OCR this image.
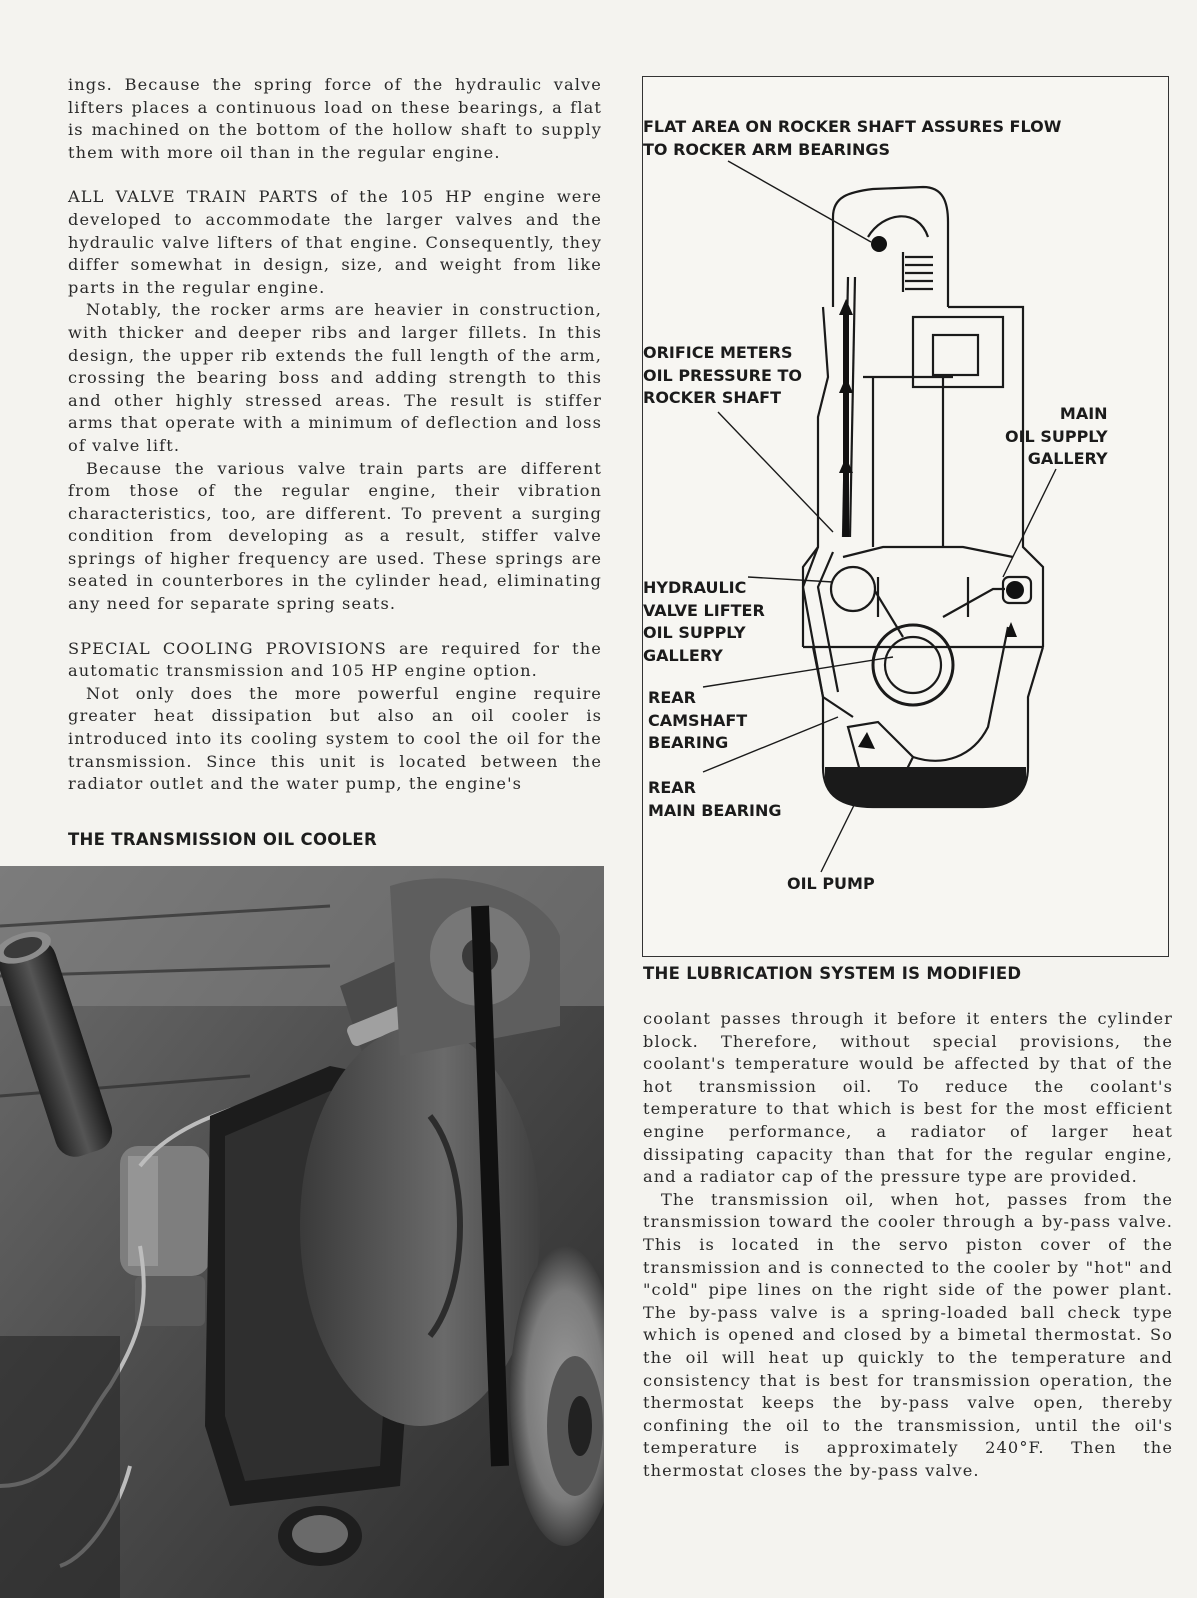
ings. Because the spring force of the hydraulic valve lifters places a continuous load on these bearings, a flat is machined on the bottom of the hollow shaft to supply them with more oil than in the regular engine.

ALL VALVE TRAIN PARTS of the 105 HP engine were developed to accommodate the larger valves and the hydraulic valve lifters of that engine. Consequently, they differ somewhat in design, size, and weight from like parts in the regular engine.

Notably, the rocker arms are heavier in construction, with thicker and deeper ribs and larger fillets. In this design, the upper rib extends the full length of the arm, crossing the bearing boss and adding strength to this and other highly stressed areas. The result is stiffer arms that operate with a minimum of deflection and loss of valve lift.

Because the various valve train parts are different from those of the regular engine, their vibration characteristics, too, are different. To prevent a surging condition from developing as a result, stiffer valve springs of higher frequency are used. These springs are seated in counterbores in the cylinder head, eliminating any need for separate spring seats.

SPECIAL COOLING PROVISIONS are required for the automatic transmission and 105 HP engine option.

Not only does the more powerful engine require greater heat dissipation but also an oil cooler is introduced into its cooling system to cool the oil for the transmission. Since this unit is located between the radiator outlet and the water pump, the engine's

THE TRANSMISSION OIL COOLER
FLAT AREA ON ROCKER SHAFT ASSURES FLOW
TO ROCKER ARM BEARINGS
ORIFICE METERS
OIL PRESSURE TO
ROCKER SHAFT
MAIN
OIL SUPPLY
GALLERY
HYDRAULIC
VALVE LIFTER
OIL SUPPLY
GALLERY
REAR
CAMSHAFT
BEARING
REAR
MAIN BEARING
OIL PUMP
THE LUBRICATION SYSTEM IS MODIFIED

coolant passes through it before it enters the cylinder block. Therefore, without special provisions, the coolant's temperature would be affected by that of the hot transmission oil. To reduce the coolant's temperature to that which is best for the most efficient engine performance, a radiator of larger heat dissipating capacity than that for the regular engine, and a radiator cap of the pressure type are provided.

The transmission oil, when hot, passes from the transmission toward the cooler through a by-pass valve. This is located in the servo piston cover of the transmission and is connected to the cooler by "hot" and "cold" pipe lines on the right side of the power plant. The by-pass valve is a spring-loaded ball check type which is opened and closed by a bimetal thermostat. So the oil will heat up quickly to the temperature and consistency that is best for transmission operation, the thermostat keeps the by-pass valve open, thereby confining the oil to the transmission, until the oil's temperature is approximately 240°F. Then the thermostat closes the by-pass valve.
